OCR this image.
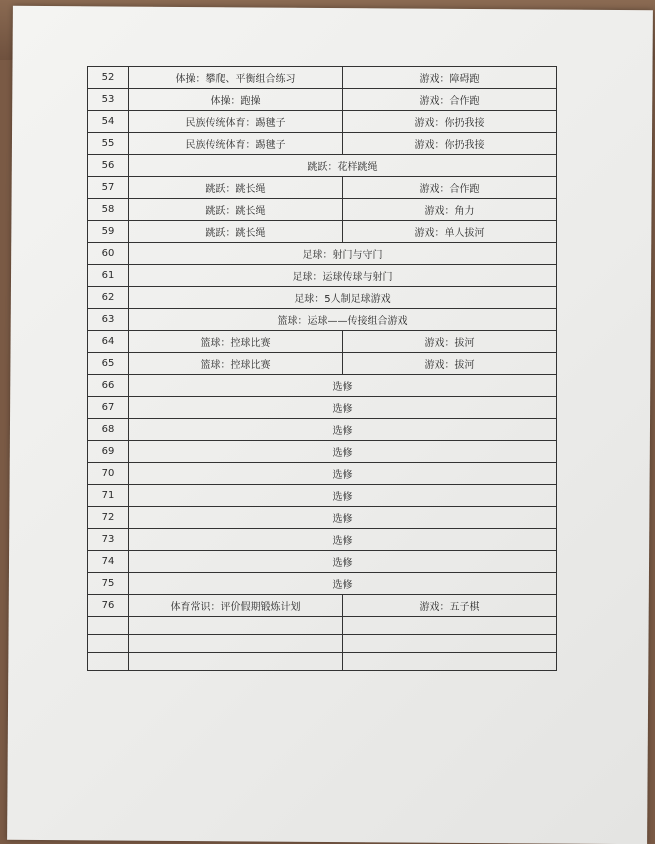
52	体操：攀爬、平衡组合练习	游戏：障碍跑
53	体操：跑操	游戏：合作跑
54	民族传统体育：踢毽子	游戏：你扔我接
55	民族传统体育：踢毽子	游戏：你扔我接
56	跳跃：花样跳绳	
57	跳跃：跳长绳	游戏：合作跑
58	跳跃：跳长绳	游戏：角力
59	跳跃：跳长绳	游戏：单人拔河
60	足球：射门与守门	
61	足球：运球传球与射门	
62	足球：5人制足球游戏	
63	篮球：运球——传接组合游戏	
64	篮球：控球比赛	游戏：拔河
65	篮球：控球比赛	游戏：拔河
66	选修	
67	选修	
68	选修	
69	选修	
70	选修	
71	选修	
72	选修	
73	选修	
74	选修	
75	选修	
76	体育常识：评价假期锻炼计划	游戏：五子棋
